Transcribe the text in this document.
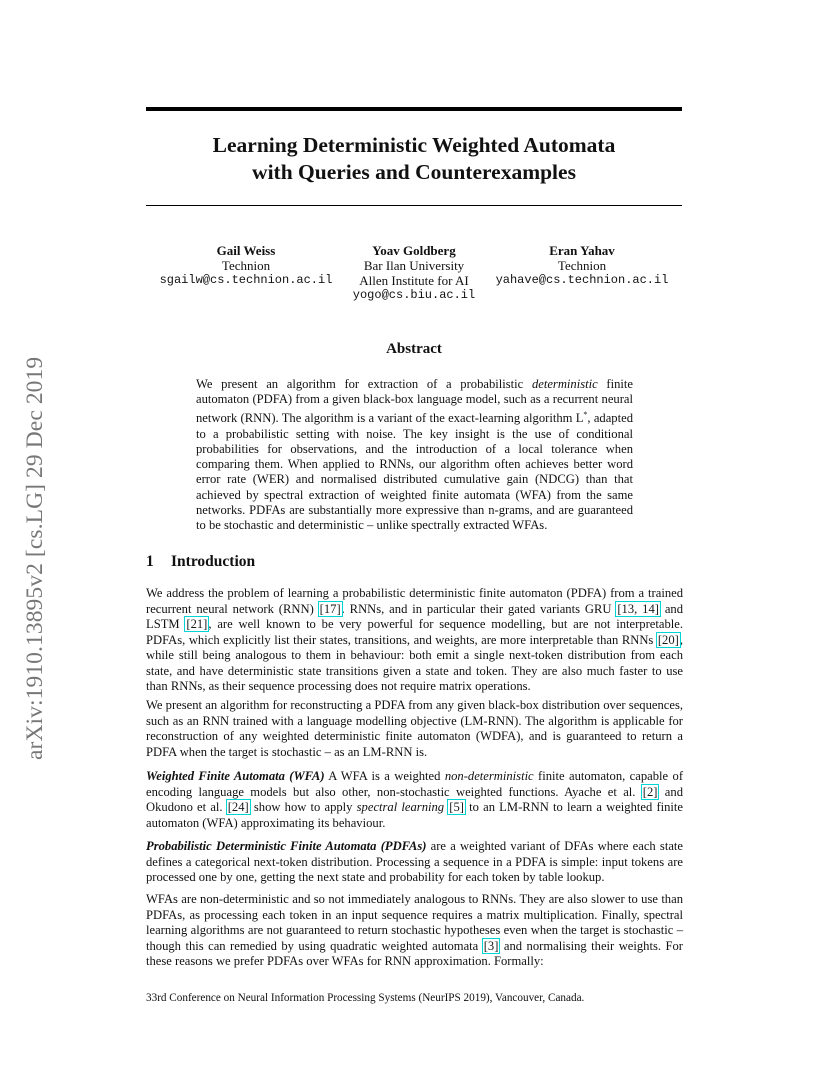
arXiv:1910.13895v2 [cs.LG] 29 Dec 2019
Learning Deterministic Weighted Automata
with Queries and Counterexamples
Gail Weiss
Technion
sgailw@cs.technion.ac.il
Yoav Goldberg
Bar Ilan University
Allen Institute for AI
yogo@cs.biu.ac.il
Eran Yahav
Technion
yahave@cs.technion.ac.il
Abstract
We present an algorithm for extraction of a probabilistic deterministic finite automaton (PDFA) from a given black-box language model, such as a recurrent neural network (RNN). The algorithm is a variant of the exact-learning algorithm L*, adapted to a probabilistic setting with noise. The key insight is the use of conditional probabilities for observations, and the introduction of a local tolerance when comparing them. When applied to RNNs, our algorithm often achieves better word error rate (WER) and normalised distributed cumulative gain (NDCG) than that achieved by spectral extraction of weighted finite automata (WFA) from the same networks. PDFAs are substantially more expressive than n-grams, and are guaranteed to be stochastic and deterministic – unlike spectrally extracted WFAs.
1 Introduction

We address the problem of learning a probabilistic deterministic finite automaton (PDFA) from a trained recurrent neural network (RNN) [17]. RNNs, and in particular their gated variants GRU [13, 14] and LSTM [21], are well known to be very powerful for sequence modelling, but are not interpretable. PDFAs, which explicitly list their states, transitions, and weights, are more interpretable than RNNs [20], while still being analogous to them in behaviour: both emit a single next-token distribution from each state, and have deterministic state transitions given a state and token. They are also much faster to use than RNNs, as their sequence processing does not require matrix operations.

We present an algorithm for reconstructing a PDFA from any given black-box distribution over sequences, such as an RNN trained with a language modelling objective (LM-RNN). The algorithm is applicable for reconstruction of any weighted deterministic finite automaton (WDFA), and is guaranteed to return a PDFA when the target is stochastic – as an LM-RNN is.

Weighted Finite Automata (WFA) A WFA is a weighted non-deterministic finite automaton, capable of encoding language models but also other, non-stochastic weighted functions. Ayache et al. [2] and Okudono et al. [24] show how to apply spectral learning [5] to an LM-RNN to learn a weighted finite automaton (WFA) approximating its behaviour.

Probabilistic Deterministic Finite Automata (PDFAs) are a weighted variant of DFAs where each state defines a categorical next-token distribution. Processing a sequence in a PDFA is simple: input tokens are processed one by one, getting the next state and probability for each token by table lookup.

WFAs are non-deterministic and so not immediately analogous to RNNs. They are also slower to use than PDFAs, as processing each token in an input sequence requires a matrix multiplication. Finally, spectral learning algorithms are not guaranteed to return stochastic hypotheses even when the target is stochastic – though this can remedied by using quadratic weighted automata [3] and normalising their weights. For these reasons we prefer PDFAs over WFAs for RNN approximation. Formally:

33rd Conference on Neural Information Processing Systems (NeurIPS 2019), Vancouver, Canada.
